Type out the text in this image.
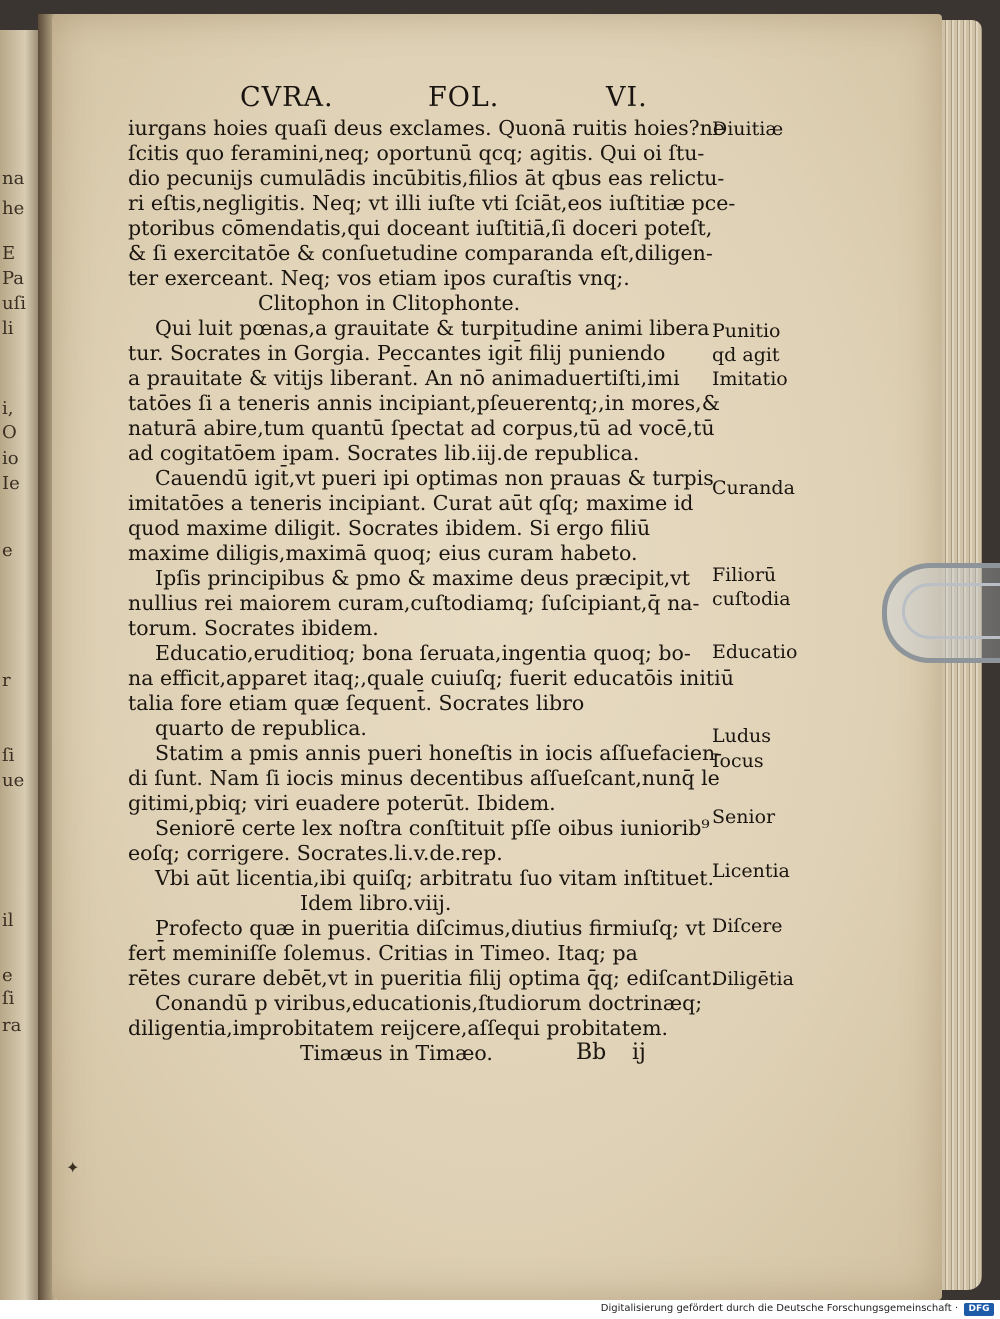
na
he
E
Pa
uſi
li
i,
O
io
Ie
e
r
ſi
ue
il
e
ſi
ra
CVRA.	FOL.	VI.
iurgans hoies quaſi deus exclames. Quonā ruitis hoies?ne
ſcitis quo feramini,neq; oportunū qcq; agitis. Qui oi ſtu-
dio pecunijs cumulādis incūbitis,filios āt qbus eas relictu-
ri eſtis,negligitis. Neq; vt illi iuſte vti ſciāt,eos iuſtitiæ pce-
ptoribus cōmendatis,qui doceant iuſtitiā,ſi doceri poteſt,
& ſi exercitatōe & conſuetudine comparanda eſt,diligen-
ter exerceant. Neq; vos etiam ipos curaſtis vnq;.
Clitophon in Clitophonte.
Qui luit pœnas,a grauitate & turpitudine animi libera
tur. Socrates in Gorgia. Peccantes igit̄ filij puniendo
a prauitate & vitijs liberant̄. An nō animaduertiſti,imi
tatōes ſi a teneris annis incipiant,pſeuerentq;,in mores,&
naturā abire,tum quantū ſpectat ad corpus,tū ad vocē,tū
ad cogitatōem ipam. Socrates lib.iij.de republica.
Cauendū igit̄,vt pueri ipi optimas non prauas & turpis
imitatōes a teneris incipiant. Curat aūt qſq; maxime id
quod maxime diligit. Socrates ibidem. Si ergo filiū
maxime diligis,maximā quoq; eius curam habeto.
Ipſis principibus & pmo & maxime deus præcipit,vt
nullius rei maiorem curam,cuſtodiamq; ſuſcipiant,q̄ na-
torum. Socrates ibidem.
Educatio,eruditioq; bona ſeruata,ingentia quoq; bo-
na efficit,apparet itaq;,quale cuiuſq; fuerit educatōis initiū
talia fore etiam quæ ſequent̄. Socrates libro
quarto de republica.
Statim a pmis annis pueri honeſtis in iocis aſſuefacien-
di ſunt. Nam ſi iocis minus decentibus aſſueſcant,nunq̄ le
gitimi,pbiq; viri euadere poterūt. Ibidem.
Seniorē certe lex noſtra conſtituit pſſe oibus iuniorib⁹
eoſq; corrigere. Socrates.li.v.de.rep.
Vbi aūt licentia,ibi quiſq; arbitratu ſuo vitam inſtituet.
Idem libro.viij.
Profecto quæ in pueritia diſcimus,diutius firmiuſq; vt
fert̄ meminiſſe ſolemus. Critias in Timeo. Itaq; pa
rētes curare debēt,vt in pueritia filij optima q̄q; ediſcant.
Conandū p viribus,educationis,ſtudiorum doctrinæq;
diligentia,improbitatem reijcere,aſſequi probitatem.
Timæus in Timæo.
Diuitiæ
Punitio
qd agit
Imitatio
Curanda
Filiorū
cuſtodia
Educatio
Ludus
Iocus
Senior
Licentia
Diſcere
Diligētia
Bb ij
✦
Digitalisierung gefördert durch die Deutsche Forschungsgemeinschaft ·	DFG
